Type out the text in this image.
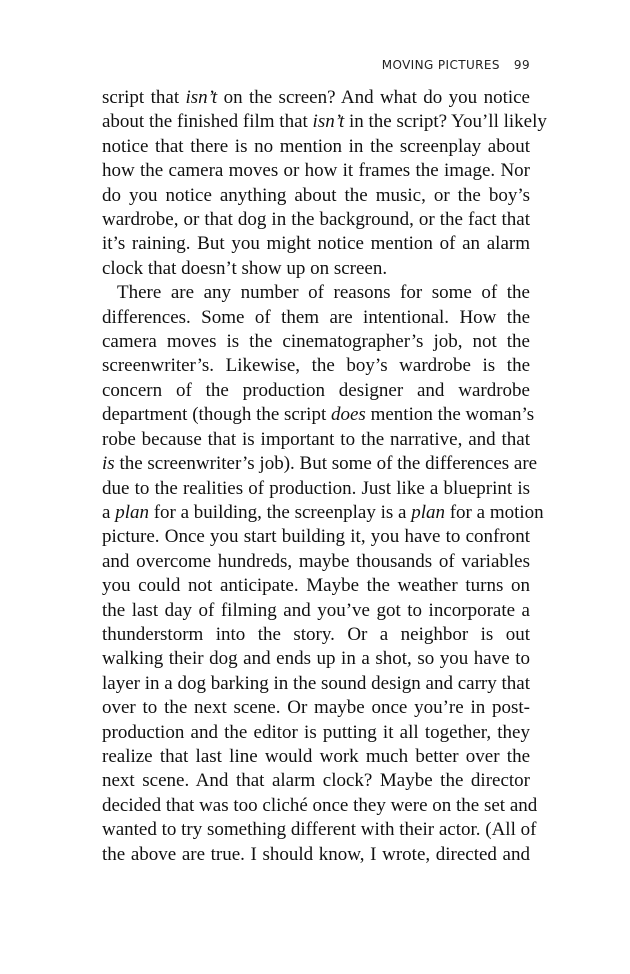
MOVING PICTURES 99
script that isn’t on the screen? And what do you notice
about the finished film that isn’t in the script? You’ll likely
notice that there is no mention in the screenplay about
how the camera moves or how it frames the image. Nor
do you notice anything about the music, or the boy’s
wardrobe, or that dog in the background, or the fact that
it’s raining. But you might notice mention of an alarm
clock that doesn’t show up on screen.
There are any number of reasons for some of the
differences. Some of them are intentional. How the
camera moves is the cinematographer’s job, not the
screenwriter’s. Likewise, the boy’s wardrobe is the
concern of the production designer and wardrobe
department (though the script does mention the woman’s
robe because that is important to the narrative, and that
is the screenwriter’s job). But some of the differences are
due to the realities of production. Just like a blueprint is
a plan for a building, the screenplay is a plan for a motion
picture. Once you start building it, you have to confront
and overcome hundreds, maybe thousands of variables
you could not anticipate. Maybe the weather turns on
the last day of filming and you’ve got to incorporate a
thunderstorm into the story. Or a neighbor is out
walking their dog and ends up in a shot, so you have to
layer in a dog barking in the sound design and carry that
over to the next scene. Or maybe once you’re in post-
production and the editor is putting it all together, they
realize that last line would work much better over the
next scene. And that alarm clock? Maybe the director
decided that was too cliché once they were on the set and
wanted to try something different with their actor. (All of
the above are true. I should know, I wrote, directed and
